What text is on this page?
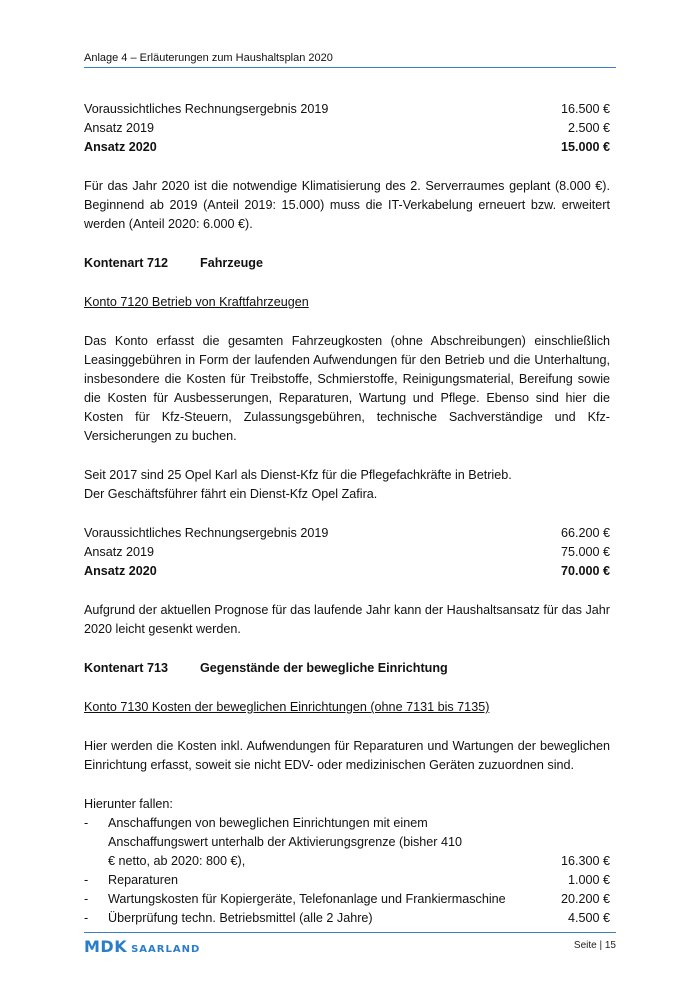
Anlage 4 – Erläuterungen zum Haushaltsplan 2020
Voraussichtliches Rechnungsergebnis 2019	16.500 €
Ansatz 2019	2.500 €
Ansatz 2020	15.000 €

Für das Jahr 2020 ist die notwendige Klimatisierung des 2. Serverraumes geplant (8.000 €). Beginnend ab 2019 (Anteil 2019: 15.000) muss die IT-Verkabelung erneuert bzw. erweitert werden (Anteil 2020: 6.000 €).

Kontenart 712	Fahrzeuge
Konto 7120 Betrieb von Kraftfahrzeugen

Das Konto erfasst die gesamten Fahrzeugkosten (ohne Abschreibungen) einschließlich Leasinggebühren in Form der laufenden Aufwendungen für den Betrieb und die Unterhaltung, insbesondere die Kosten für Treibstoffe, Schmierstoffe, Reinigungsmaterial, Bereifung sowie die Kosten für Ausbesserungen, Reparaturen, Wartung und Pflege. Ebenso sind hier die Kosten für Kfz-Steuern, Zulassungsgebühren, technische Sachverständige und Kfz-Versicherungen zu buchen.

Seit 2017 sind 25 Opel Karl als Dienst-Kfz für die Pflegefachkräfte in Betrieb.
Der Geschäftsführer fährt ein Dienst-Kfz Opel Zafira.
Voraussichtliches Rechnungsergebnis 2019	66.200 €
Ansatz 2019	75.000 €
Ansatz 2020	70.000 €

Aufgrund der aktuellen Prognose für das laufende Jahr kann der Haushaltsansatz für das Jahr 2020 leicht gesenkt werden.

Kontenart 713	Gegenstände der bewegliche Einrichtung
Konto 7130 Kosten der beweglichen Einrichtungen (ohne 7131 bis 7135)

Hier werden die Kosten inkl. Aufwendungen für Reparaturen und Wartungen der beweglichen Einrichtung erfasst, soweit sie nicht EDV- oder medizinischen Geräten zuzuordnen sind.

Hierunter fallen:
-	Anschaffungen von beweglichen Einrichtungen mit einem Anschaffungswert unterhalb der Aktivierungsgrenze (bisher 410 € netto, ab 2020: 800 €),	16.300 €
-	Reparaturen	1.000 €
-	Wartungskosten für Kopiergeräte, Telefonanlage und Frankiermaschine	20.200 €
-	Überprüfung techn. Betriebsmittel (alle 2 Jahre)	4.500 €
MDK SAARLAND	Seite | 15
